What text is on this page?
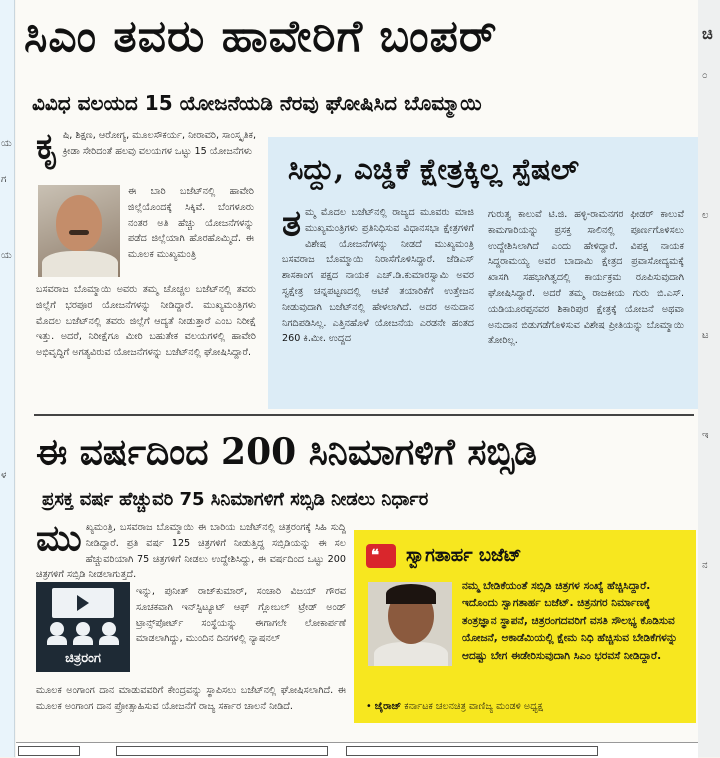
ಯ
ಗ
ಯ
ಳ
ಚಿ
೦
ಲ
ಟ
ಇ
ನ
ಸಿಎಂ ತವರು ಹಾವೇರಿಗೆ ಬಂಪರ್
ವಿವಿಧ ವಲಯದ 15 ಯೋಜನೆಯಡಿ ನೆರವು ಘೋಷಿಸಿದ ಬೊಮ್ಮಾಯಿ
ಕೃ ಷಿ, ಶಿಕ್ಷಣ, ಆರೋಗ್ಯ, ಮೂಲಸೌಕರ್ಯ, ನೀರಾವರಿ, ಸಾಂಸ್ಕೃತಿಕ, ಕ್ರೀಡಾ ಸೇರಿದಂತೆ ಹಲವು ವಲಯಗಳ ಒಟ್ಟು 15 ಯೋಜನೆಗಳು
ಈ ಬಾರಿ ಬಜೆಟ್‌ನಲ್ಲಿ ಹಾವೇರಿ ಜಿಲ್ಲೆಯೊಂದಕ್ಕೆ ಸಿಕ್ಕಿವೆ. ಬೆಂಗಳೂರು ನಂತರ ಅತಿ ಹೆಚ್ಚು ಯೋಜನೆಗಳನ್ನು ಪಡೆದ ಜಿಲ್ಲೆಯಾಗಿ ಹೊರಹೊಮ್ಮಿದೆ. ಈ ಮೂಲಕ ಮುಖ್ಯಮಂತ್ರಿ
ಬಸವರಾಜ ಬೊಮ್ಮಾಯಿ ಅವರು ತಮ್ಮ ಚೊಚ್ಚಲ ಬಜೆಟ್‌ನಲ್ಲಿ ತವರು ಜಿಲ್ಲೆಗೆ ಭರಪೂರ ಯೋಜನೆಗಳನ್ನು ನೀಡಿದ್ದಾರೆ. ಮುಖ್ಯಮಂತ್ರಿಗಳು ಮೊದಲ ಬಜೆಟ್‌ನಲ್ಲಿ ತವರು ಜಿಲ್ಲೆಗೆ ಆದ್ಯತೆ ನೀಡುತ್ತಾರೆ ಎಂಬ ನಿರೀಕ್ಷೆ ಇತ್ತು. ಅದರೆ, ನಿರೀಕ್ಷೆಗೂ ಮೀರಿ ಬಹುತೇಕ ವಲಯಗಳಲ್ಲಿ ಹಾವೇರಿ ಅಭಿವೃದ್ಧಿಗೆ ಅಗತ್ಯವಿರುವ ಯೋಜನೆಗಳನ್ನು ಬಜೆಟ್‌ನಲ್ಲಿ ಘೋಷಿಸಿದ್ದಾರೆ.
ಸಿದ್ದು, ಎಚ್ಡಿಕೆ ಕ್ಷೇತ್ರಕ್ಕಿಲ್ಲ ಸ್ಪೆಷಲ್
ತ ಮ್ಮ ಮೊದಲ ಬಜೆಟ್‌ನಲ್ಲಿ ರಾಜ್ಯದ ಮೂವರು ಮಾಜಿ ಮುಖ್ಯಮಂತ್ರಿಗಳು ಪ್ರತಿನಿಧಿಸುವ ವಿಧಾನಸಭಾ ಕ್ಷೇತ್ರಗಳಿಗೆ ವಿಶೇಷ ಯೋಜನೆಗಳನ್ನು ನೀಡದೆ ಮುಖ್ಯಮಂತ್ರಿ ಬಸವರಾಜ ಬೊಮ್ಮಾಯಿ ನಿರಾಸೆಗೊಳಿಸಿದ್ದಾರೆ. ಜೆಡಿಎಸ್ ಶಾಸಕಾಂಗ ಪಕ್ಷದ ನಾಯಕ ಎಚ್.ಡಿ.ಕುಮಾರಸ್ವಾಮಿ ಅವರ ಸ್ವಕ್ಷೇತ್ರ ಚನ್ನಪಟ್ಟಣದಲ್ಲಿ ಆಟಿಕೆ ತಯಾರಿಕೆಗೆ ಉತ್ತೇಜನ ನೀಡುವುದಾಗಿ ಬಜೆಟ್‌ನಲ್ಲಿ ಹೇಳಲಾಗಿದೆ. ಅದರ ಅನುದಾನ ನಿಗದಿಪಡಿಸಿಲ್ಲ. ಎತ್ತಿನಹೊಳೆ ಯೋಜನೆಯ ಎರಡನೇ ಹಂತದ 260 ಕಿ.ಮೀ. ಉದ್ದದ
ಗುರುತ್ವ ಕಾಲುವೆ ಟಿ.ಜಿ. ಹಳ್ಳಿ-ರಾಮನಗರ ಫೀಡರ್ ಕಾಲುವೆ ಕಾಮಗಾರಿಯನ್ನು ಪ್ರಸಕ್ತ ಸಾಲಿನಲ್ಲಿ ಪೂರ್ಣಗೊಳಿಸಲು ಉದ್ದೇಶಿಸಿಲಾಗಿದೆ ಎಂದು ಹೇಳಿದ್ದಾರೆ. ವಿಪಕ್ಷ ನಾಯಕ ಸಿದ್ದರಾಮಯ್ಯ ಅವರ ಬಾದಾಮಿ ಕ್ಷೇತ್ರದ ಪ್ರವಾಸೋದ್ಯಮಕ್ಕೆ ಖಾಸಗಿ ಸಹಭಾಗಿತ್ವದಲ್ಲಿ ಕಾರ್ಯಕ್ರಮ ರೂಪಿಸುವುದಾಗಿ ಘೋಷಿಸಿದ್ದಾರೆ. ಅದರೆ ತಮ್ಮ ರಾಜಕೀಯ ಗುರು ಬಿ.ಎಸ್. ಯಡಿಯೂರಪ್ಪನವರ ಶಿಕಾರಿಪುರ ಕ್ಷೇತ್ರಕ್ಕೆ ಯೋಜನೆ ಅಥವಾ ಅನುದಾನ ಬಿಡುಗಡೆಗೊಳಿಸುವ ವಿಶೇಷ ಪ್ರೀತಿಯನ್ನು ಬೊಮ್ಮಾಯಿ ತೋರಿಲ್ಲ.
ಈ ವರ್ಷದಿಂದ 200 ಸಿನಿಮಾಗಳಿಗೆ ಸಬ್ಸಿಡಿ
ಪ್ರಸಕ್ತ ವರ್ಷ ಹೆಚ್ಚುವರಿ 75 ಸಿನಿಮಾಗಳಿಗೆ ಸಬ್ಸಿಡಿ ನೀಡಲು ನಿರ್ಧಾರ
ಮು ಖ್ಯಮಂತ್ರಿ, ಬಸವರಾಜ ಬೊಮ್ಮಾಯಿ ಈ ಬಾರಿಯ ಬಜೆಟ್‌ನಲ್ಲಿ ಚಿತ್ರರಂಗಕ್ಕೆ ಸಿಹಿ ಸುದ್ದಿ ನೀಡಿದ್ದಾರೆ. ಪ್ರತಿ ವರ್ಷ 125 ಚಿತ್ರಗಳಿಗೆ ನೀಡುತ್ತಿದ್ದ ಸಬ್ಸಿಡಿಯನ್ನು ಈ ಸಲ ಹೆಚ್ಚುವರಿಯಾಗಿ 75 ಚಿತ್ರಗಳಿಗೆ ನೀಡಲು ಉದ್ದೇಶಿಸಿದ್ದು, ಈ ವರ್ಷದಿಂದ ಒಟ್ಟು 200 ಚಿತ್ರಗಳಿಗೆ ಸಬ್ಸಿಡಿ ನೀಡಲಾಗುತ್ತದೆ.
ಚಿತ್ರರಂಗ
ಇನ್ನು, ಪುನೀತ್ ರಾಜ್‌ಕುಮಾರ್, ಸಂಚಾರಿ ವಿಜಯ್ ಗೌರವ ಸೂಚಕವಾಗಿ ಇನ್‌ಸ್ಟಿಟ್ಯೂಟ್ ಆಫ್ ಗ್ಲೋಬಲ್ ಟ್ರೇಡ್ ಅಂಡ್ ಟ್ರಾನ್ಸ್‌ಪೋರ್ಟ್ ಸಂಸ್ಥೆಯನ್ನು ಈಗಾಗಲೇ ಲೋಕಾರ್ಪಣೆ ಮಾಡಲಾಗಿದ್ದು, ಮುಂದಿನ ದಿನಗಳಲ್ಲಿ ನ್ಯಾಷನಲ್
ಮೂಲಕ ಅಂಗಾಂಗ ದಾನ ಮಾಡುವವರಿಗೆ ಕೇಂದ್ರವನ್ನು ಸ್ಥಾಪಿಸಲು ಬಜೆಟ್‌ನಲ್ಲಿ ಘೋಷಿಸಲಾಗಿದೆ. ಈ ಮೂಲಕ ಅಂಗಾಂಗ ದಾನ ಪ್ರೋತ್ಸಾಹಿಸುವ ಯೋಜನೆಗೆ ರಾಜ್ಯ ಸರ್ಕಾರ ಚಾಲನೆ ನೀಡಿದೆ.
❝ ಸ್ವಾಗತಾರ್ಹ ಬಜೆಟ್
ನಮ್ಮ ಬೇಡಿಕೆಯಂತೆ ಸಬ್ಸಿಡಿ ಚಿತ್ರಗಳ ಸಂಖ್ಯೆ ಹೆಚ್ಚಿಸಿದ್ದಾರೆ. ಇದೊಂದು ಸ್ವಾಗತಾರ್ಹ ಬಜೆಟ್. ಚಿತ್ರನಗರ ನಿರ್ಮಾಣಕ್ಕೆ ತಂತ್ರಜ್ಞಾನ ಸ್ಥಾಪನೆ, ಚಿತ್ರರಂಗದವರಿಗೆ ವಸತಿ ಸೌಲಭ್ಯ ಕೊಡಿಸುವ ಯೋಜನೆ, ಅಕಾಡೆಮಿಯಲ್ಲಿ ಕ್ಷೇಮ ನಿಧಿ ಹೆಚ್ಚಿಸುವ ಬೇಡಿಕೆಗಳನ್ನು ಆದಷ್ಟು ಬೇಗ ಈಡೇರಿಸುವುದಾಗಿ ಸಿಎಂ ಭರವಸೆ ನೀಡಿದ್ದಾರೆ.
• ಜೈರಾಜ್ ಕರ್ನಾಟಕ ಚಲನಚಿತ್ರ ವಾಣಿಜ್ಯ ಮಂಡಳಿ ಅಧ್ಯಕ್ಷ
